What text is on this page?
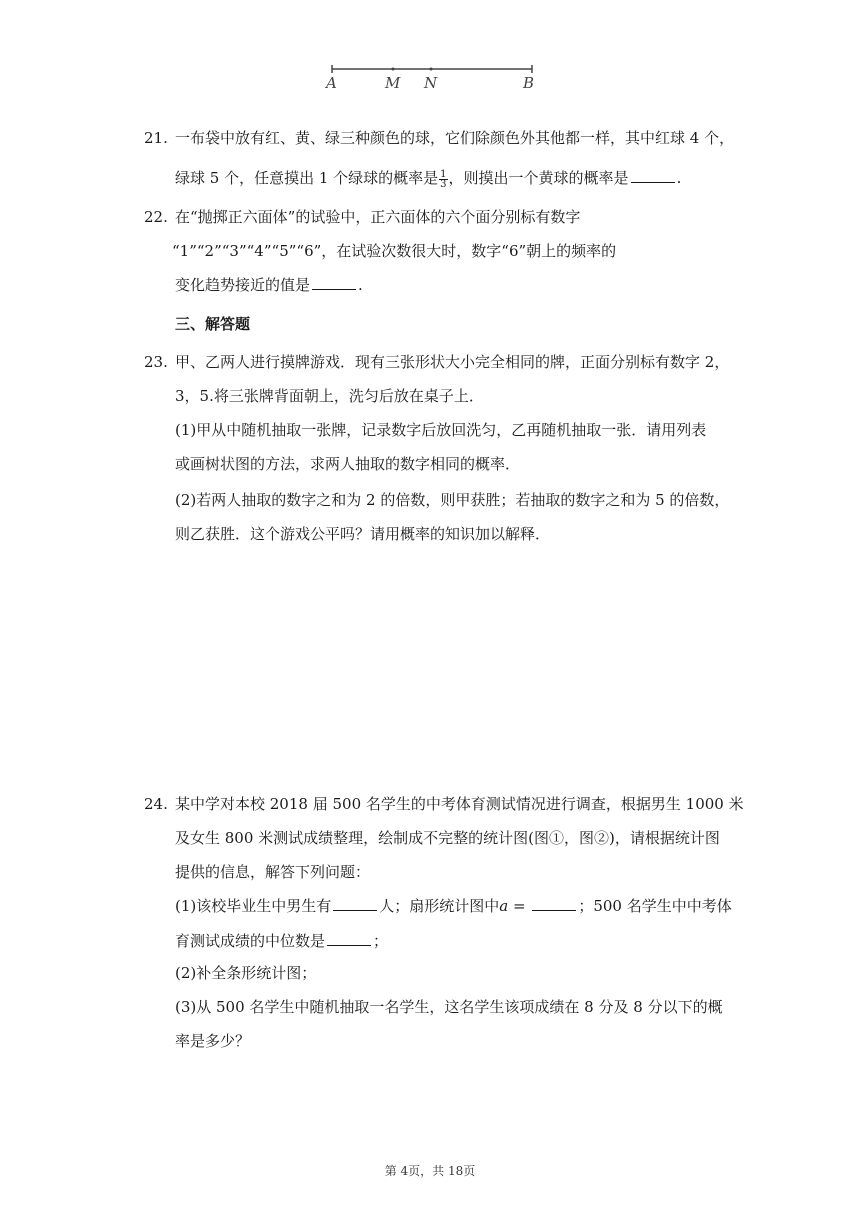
A	M N	B
21. 一布袋中放有红、黄、绿三种颜色的球，它们除颜色外其他都一样，其中红球 4 个，
绿球 5 个，任意摸出 1 个绿球的概率是 $\frac{1}{3}$ ，则摸出一个黄球的概率是	.
22. 在“抛掷正六面体”的试验中，正六面体的六个面分别标有数字
“1”“2”“3”“4”“5”“6”，在试验次数很大时，数字“6”朝上的频率的
变化趋势接近的值是	.
三、解答题
23. 甲、乙两人进行摸牌游戏．现有三张形状大小完全相同的牌，正面分别标有数字 2，
3，5.将三张牌背面朝上，洗匀后放在桌子上．
(1)甲从中随机抽取一张牌，记录数字后放回洗匀，乙再随机抽取一张．请用列表
或画树状图的方法，求两人抽取的数字相同的概率．
(2)若两人抽取的数字之和为 2 的倍数，则甲获胜；若抽取的数字之和为 5 的倍数，
则乙获胜．这个游戏公平吗？请用概率的知识加以解释．
24. 某中学对本校 2018 届 500 名学生的中考体育测试情况进行调查，根据男生 1000 米
及女生 800 米测试成绩整理，绘制成不完整的统计图(图①，图②)，请根据统计图
提供的信息，解答下列问题：
(1)该校毕业生中男生有	人；扇形统计图中a =	；500 名学生中中考体
育测试成绩的中位数是	；
(2)补全条形统计图；
(3)从 500 名学生中随机抽取一名学生，这名学生该项成绩在 8 分及 8 分以下的概
率是多少？
第 4页，共 18页
